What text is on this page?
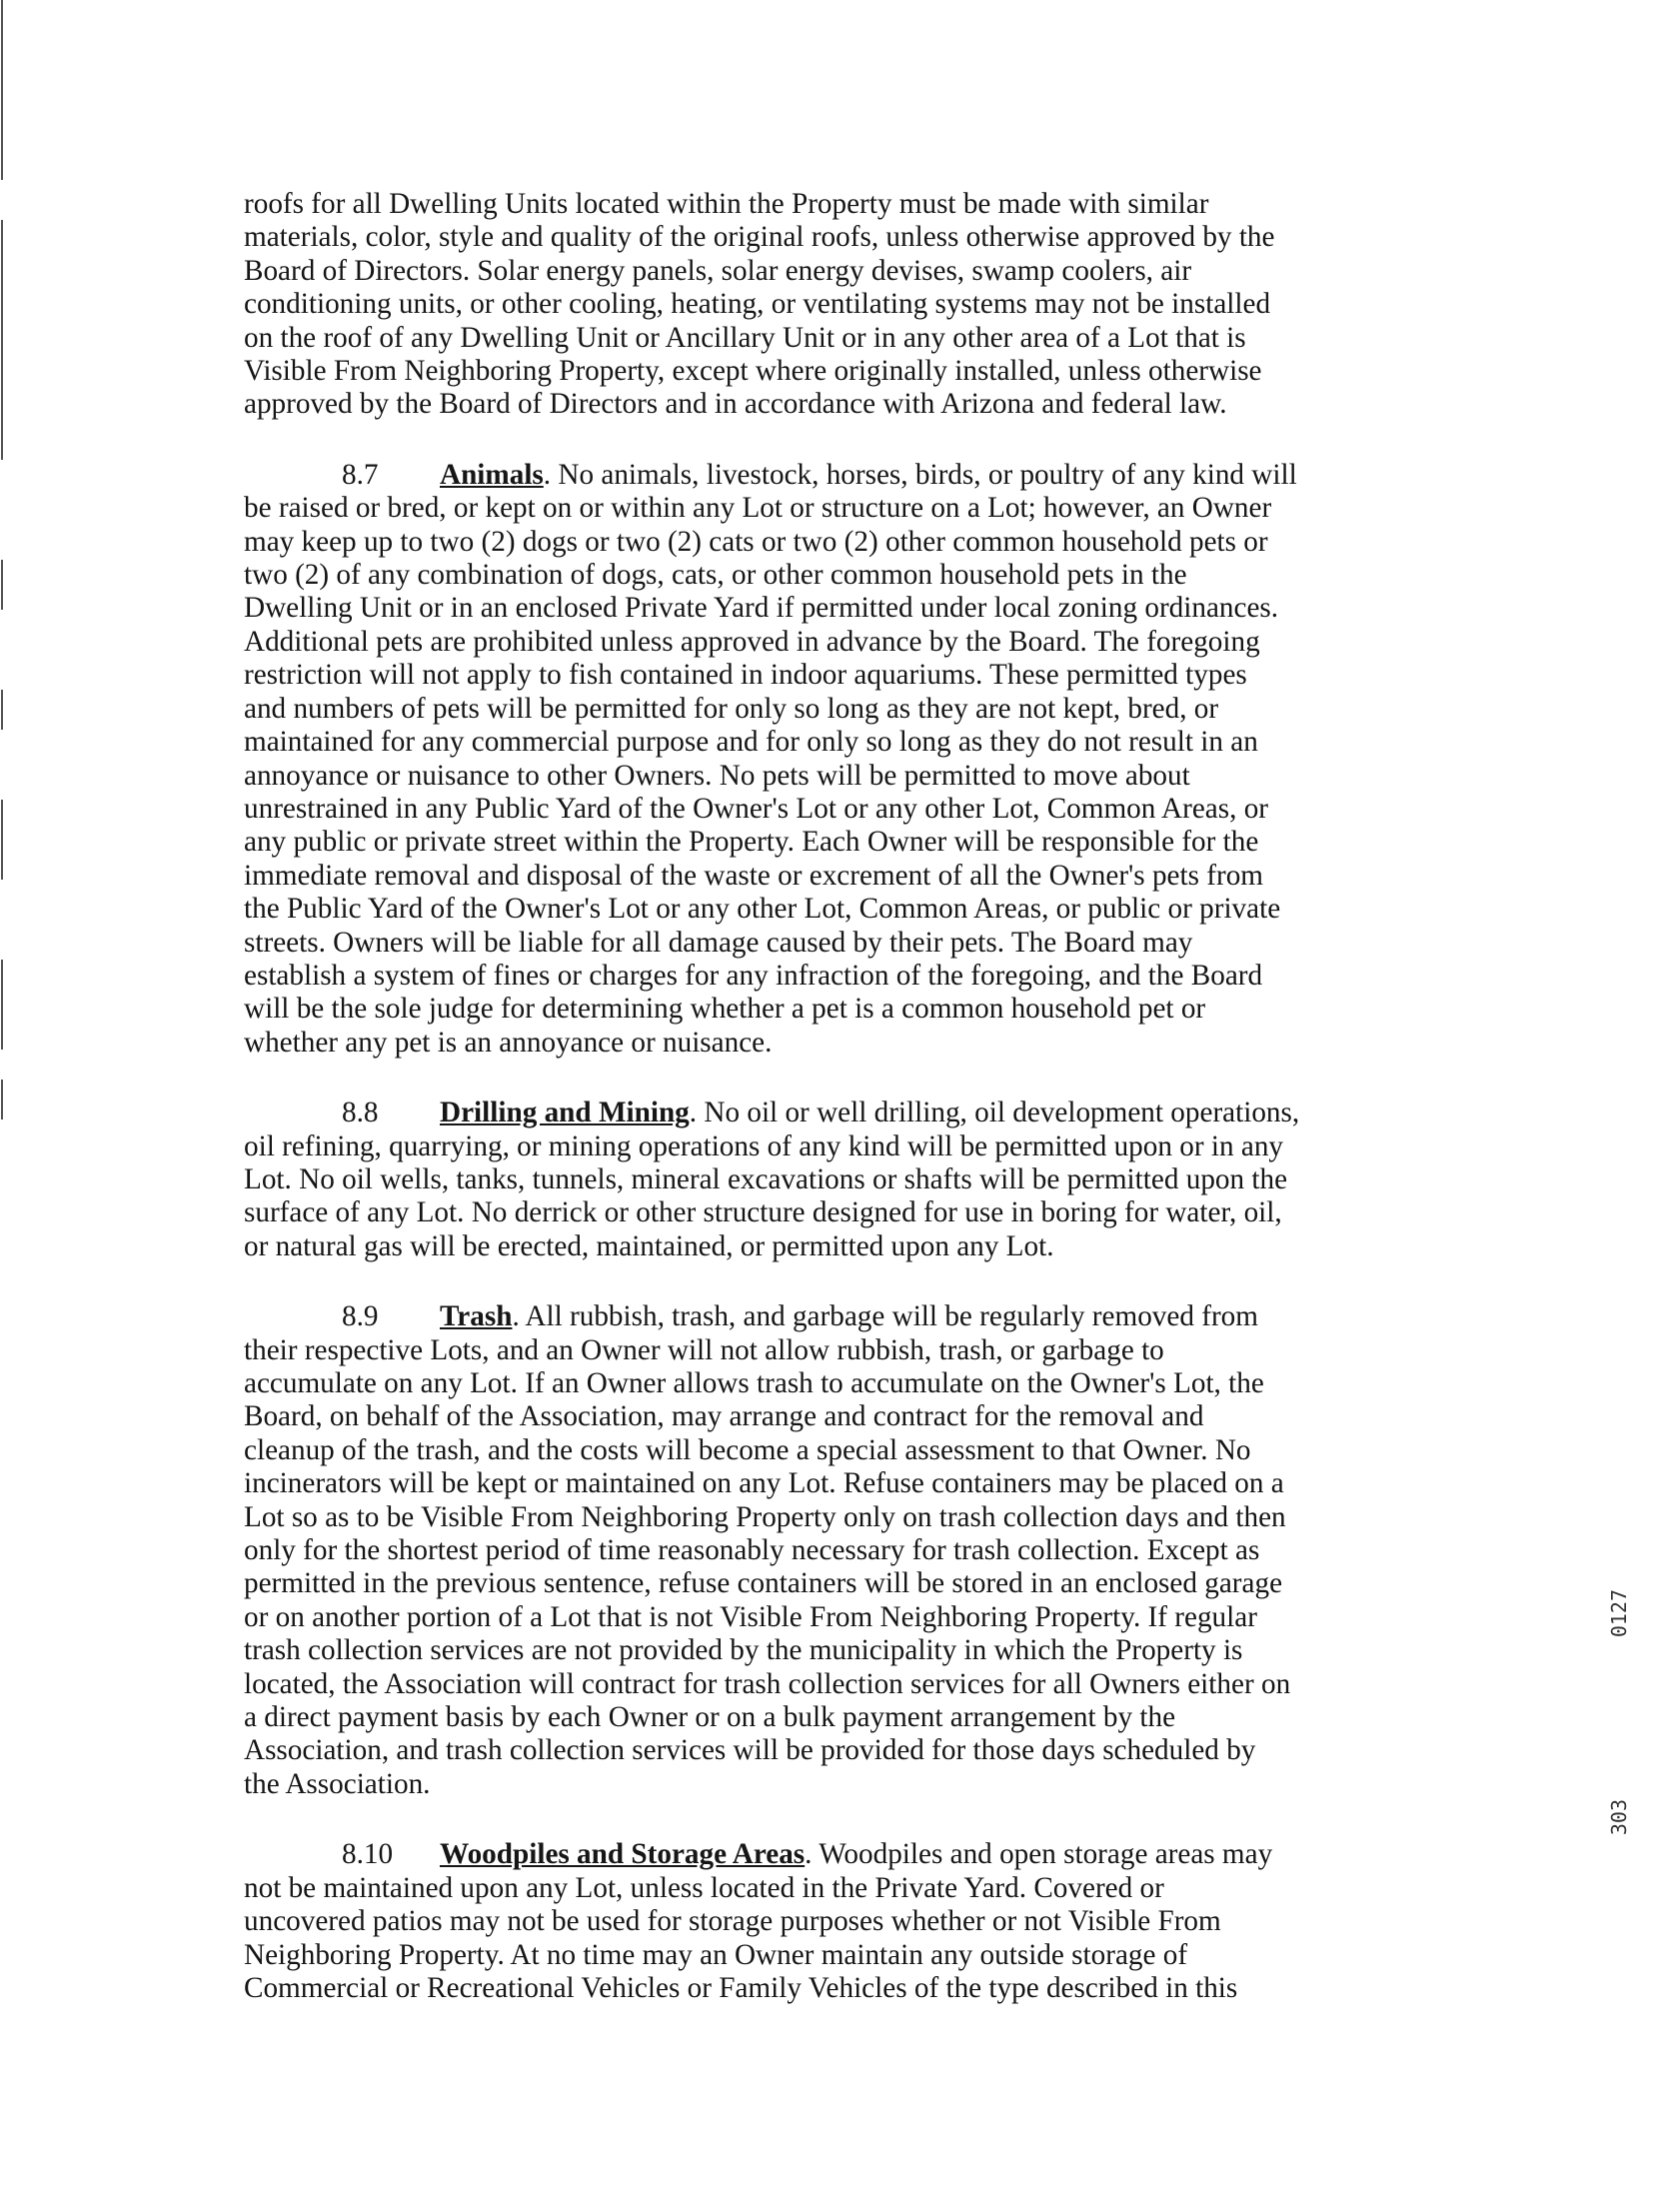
0127
303

roofs for all Dwelling Units located within the Property must be made with similar
materials, color, style and quality of the original roofs, unless otherwise approved by the
Board of Directors. Solar energy panels, solar energy devises, swamp coolers, air
conditioning units, or other cooling, heating, or ventilating systems may not be installed
on the roof of any Dwelling Unit or Ancillary Unit or in any other area of a Lot that is
Visible From Neighboring Property, except where originally installed, unless otherwise
approved by the Board of Directors and in accordance with Arizona and federal law.

8.7 Animals. No animals, livestock, horses, birds, or poultry of any kind will
be raised or bred, or kept on or within any Lot or structure on a Lot; however, an Owner
may keep up to two (2) dogs or two (2) cats or two (2) other common household pets or
two (2) of any combination of dogs, cats, or other common household pets in the
Dwelling Unit or in an enclosed Private Yard if permitted under local zoning ordinances.
Additional pets are prohibited unless approved in advance by the Board. The foregoing
restriction will not apply to fish contained in indoor aquariums. These permitted types
and numbers of pets will be permitted for only so long as they are not kept, bred, or
maintained for any commercial purpose and for only so long as they do not result in an
annoyance or nuisance to other Owners. No pets will be permitted to move about
unrestrained in any Public Yard of the Owner's Lot or any other Lot, Common Areas, or
any public or private street within the Property. Each Owner will be responsible for the
immediate removal and disposal of the waste or excrement of all the Owner's pets from
the Public Yard of the Owner's Lot or any other Lot, Common Areas, or public or private
streets. Owners will be liable for all damage caused by their pets. The Board may
establish a system of fines or charges for any infraction of the foregoing, and the Board
will be the sole judge for determining whether a pet is a common household pet or
whether any pet is an annoyance or nuisance.

8.8 Drilling and Mining. No oil or well drilling, oil development operations,
oil refining, quarrying, or mining operations of any kind will be permitted upon or in any
Lot. No oil wells, tanks, tunnels, mineral excavations or shafts will be permitted upon the
surface of any Lot. No derrick or other structure designed for use in boring for water, oil,
or natural gas will be erected, maintained, or permitted upon any Lot.

8.9 Trash. All rubbish, trash, and garbage will be regularly removed from
their respective Lots, and an Owner will not allow rubbish, trash, or garbage to
accumulate on any Lot. If an Owner allows trash to accumulate on the Owner's Lot, the
Board, on behalf of the Association, may arrange and contract for the removal and
cleanup of the trash, and the costs will become a special assessment to that Owner. No
incinerators will be kept or maintained on any Lot. Refuse containers may be placed on a
Lot so as to be Visible From Neighboring Property only on trash collection days and then
only for the shortest period of time reasonably necessary for trash collection. Except as
permitted in the previous sentence, refuse containers will be stored in an enclosed garage
or on another portion of a Lot that is not Visible From Neighboring Property. If regular
trash collection services are not provided by the municipality in which the Property is
located, the Association will contract for trash collection services for all Owners either on
a direct payment basis by each Owner or on a bulk payment arrangement by the
Association, and trash collection services will be provided for those days scheduled by
the Association.

8.10 Woodpiles and Storage Areas. Woodpiles and open storage areas may
not be maintained upon any Lot, unless located in the Private Yard. Covered or
uncovered patios may not be used for storage purposes whether or not Visible From
Neighboring Property. At no time may an Owner maintain any outside storage of
Commercial or Recreational Vehicles or Family Vehicles of the type described in this
